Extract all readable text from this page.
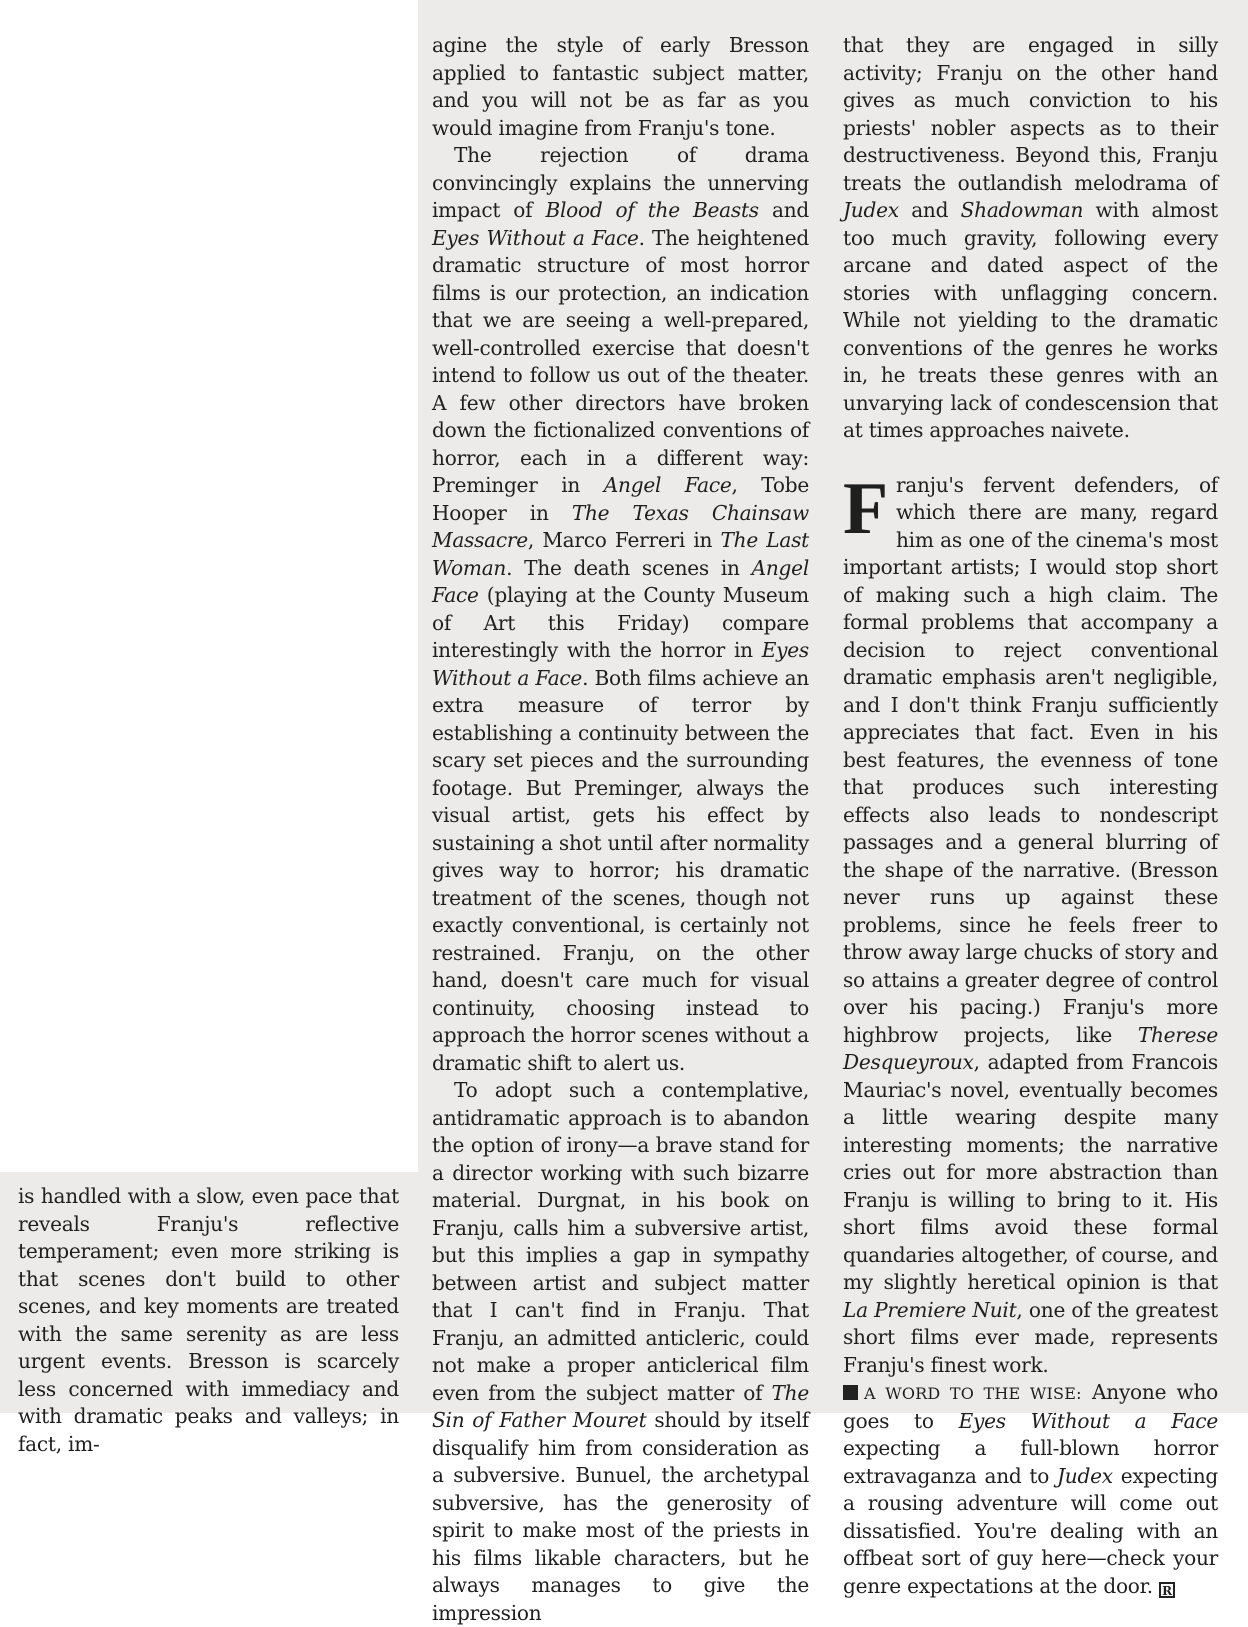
is handled with a slow, even pace that reveals Franju's reflective temperament; even more striking is that scenes don't build to other scenes, and key moments are treated with the same serenity as are less urgent events. Bresson is scarcely less concerned with immediacy and with dramatic peaks and valleys; in fact, im-

agine the style of early Bresson applied to fantastic subject matter, and you will not be as far as you would imagine from Franju's tone.

The rejection of drama convincingly explains the unnerving impact of Blood of the Beasts and Eyes Without a Face. The heightened dramatic structure of most horror films is our protection, an indication that we are seeing a well-prepared, well-controlled exercise that doesn't intend to follow us out of the theater. A few other directors have broken down the fictionalized conventions of horror, each in a different way: Preminger in Angel Face, Tobe Hooper in The Texas Chainsaw Massacre, Marco Ferreri in The Last Woman. The death scenes in Angel Face (playing at the County Museum of Art this Friday) compare interestingly with the horror in Eyes Without a Face. Both films achieve an extra measure of terror by establishing a continuity between the scary set pieces and the surrounding footage. But Preminger, always the visual artist, gets his effect by sustaining a shot until after normality gives way to horror; his dramatic treatment of the scenes, though not exactly conventional, is certainly not restrained. Franju, on the other hand, doesn't care much for visual continuity, choosing instead to approach the horror scenes without a dramatic shift to alert us.

To adopt such a contemplative, antidramatic approach is to abandon the option of irony—a brave stand for a director working with such bizarre material. Durgnat, in his book on Franju, calls him a subversive artist, but this implies a gap in sympathy between artist and subject matter that I can't find in Franju. That Franju, an admitted anticleric, could not make a proper anticlerical film even from the subject matter of The Sin of Father Mouret should by itself disqualify him from consideration as a subversive. Bunuel, the archetypal subversive, has the generosity of spirit to make most of the priests in his films likable characters, but he always manages to give the impression

that they are engaged in silly activity; Franju on the other hand gives as much conviction to his priests' nobler aspects as to their destructiveness. Beyond this, Franju treats the outlandish melodrama of Judex and Shadowman with almost too much gravity, following every arcane and dated aspect of the stories with unflagging concern. While not yielding to the dramatic conventions of the genres he works in, he treats these genres with an unvarying lack of condescension that at times approaches naivete.

Franju's fervent defenders, of which there are many, regard him as one of the cinema's most important artists; I would stop short of making such a high claim. The formal problems that accompany a decision to reject conventional dramatic emphasis aren't negligible, and I don't think Franju sufficiently appreciates that fact. Even in his best features, the evenness of tone that produces such interesting effects also leads to nondescript passages and a general blurring of the shape of the narrative. (Bresson never runs up against these problems, since he feels freer to throw away large chucks of story and so attains a greater degree of control over his pacing.) Franju's more highbrow projects, like Therese Desqueyroux, adapted from Francois Mauriac's novel, eventually becomes a little wearing despite many interesting moments; the narrative cries out for more abstraction than Franju is willing to bring to it. His short films avoid these formal quandaries altogether, of course, and my slightly heretical opinion is that La Premiere Nuit, one of the greatest short films ever made, represents Franju's finest work.

A WORD TO THE WISE: Anyone who goes to Eyes Without a Face expecting a full-blown horror extravaganza and to Judex expecting a rousing adventure will come out dissatisfied. You're dealing with an offbeat sort of guy here—check your genre expectations at the door. R
